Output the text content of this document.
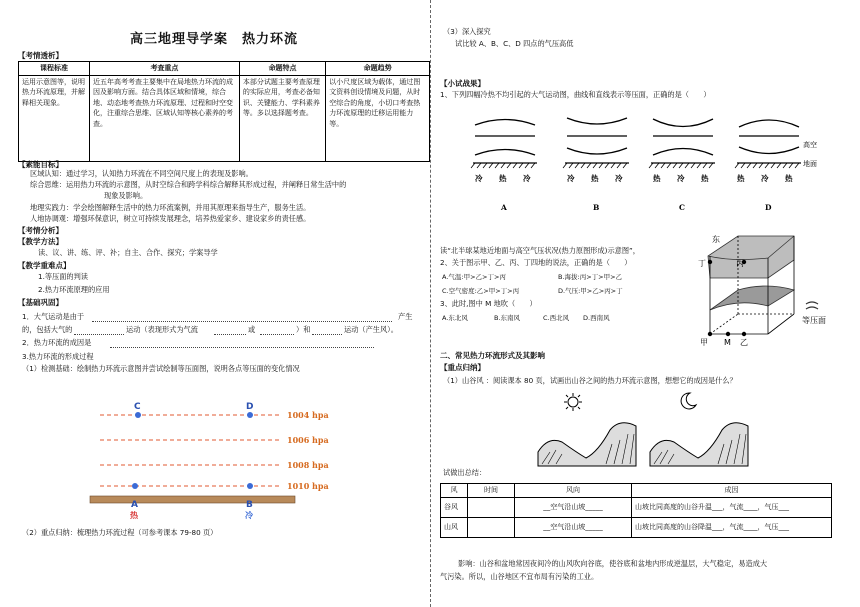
高三地理导学案　热力环流
【考情透析】
课程标准	考查重点	命题特点	命题趋势
运用示意图等，说明热力环流原理，并解释相关现象。	近五年高考考查主要集中在局地热力环流的成因及影响方面。结合具体区域和情境，综合地、动态地考查热力环流原理、过程和时空变化，注重综合思维、区域认知等核心素养的考查。	本部分试题主要考查原理的实际应用，考查必备知识、关键能力、学科素养等。多以选择题考查。	以小尺度区域为载体，通过图文资料创设情境及问题，从时空综合的角度，小切口考查热力环流原理的迁移运用能力等。
【素能目标】
区域认知：通过学习，认知热力环流在不同空间尺度上的表现及影响。
综合思维：运用热力环流的示意图，从时空综合和跨学科综合解释其形成过程，并阐释日常生活中的
现象及影响。
地理实践力：学会绘图解释生活中的热力环流案例，并用其原理来指导生产，服务生活。
人地协调观：增强环保意识，树立可持续发展理念，培养热爱家乡、建设家乡的责任感。
【考情分析】
【教学方法】
读、议、讲、练、评、补；自主、合作、探究；学案导学
【教学重难点】
1.等压面的判读
2.热力环流原理的应用
【基础巩固】
1．大气运动是由于	产生
的，包括大气的	运动（表现形式为气流	或	）和	运动（产生风）。
2．热力环流的成因是
3.热力环流的形成过程
（1）检测基础：绘制热力环流示意图并尝试绘制等压面图，说明各点等压面的变化情况
1004 hpa
1006 hpa
1008 hpa
1010 hpa
C	D
A	B
热	冷
（2）重点归纳：梳理热力环流过程（可参考课本 79-80 页）
（3）深入探究
试比较 A、B、C、D 四点的气压高低
【小试战果】
1、下列四幅冷热不均引起的大气运动图，曲线和直线表示等压面，正确的是（　　）
高空
地面
冷 热 冷	冷 热 冷	热 冷 热	热 冷 热
A	B	C	D
读“北半球某地近地面与高空气压状况(热力原图形成)示意图”，
2、关于图示甲、乙、丙、丁四地的说法，正确的是（　　）
A.气温:甲>乙>丁>丙	B.海拔:丙>丁>甲>乙
C.空气密度:乙>甲>丁>丙	D.气压:甲>乙>丙>丁
3、此时,图中 M 地吹（　　）
A.东北风	B.东南风	C.西北风 D.西南风
东
丁	丙
甲 M 乙
等压面
二、常见热力环流形式及其影响
【重点归纳】
（1）山谷风 ：阅读课本 80 页，试画出山谷之间的热力环流示意图，想想它的成因是什么？
试做出总结：
风	时间	风向	成因
谷风		__空气沿山坡_____	山坡比同高度的山谷升温___，气流____，气压___
山风		__空气沿山坡_____	山坡比同高度的山谷降温___，气流____，气压___
影响：山谷和盆地常因夜间冷的山风吹向谷底，使谷底和盆地内形成逆温层，大气稳定，易造成大
气污染。所以，山谷地区不宜布局有污染的工业。
